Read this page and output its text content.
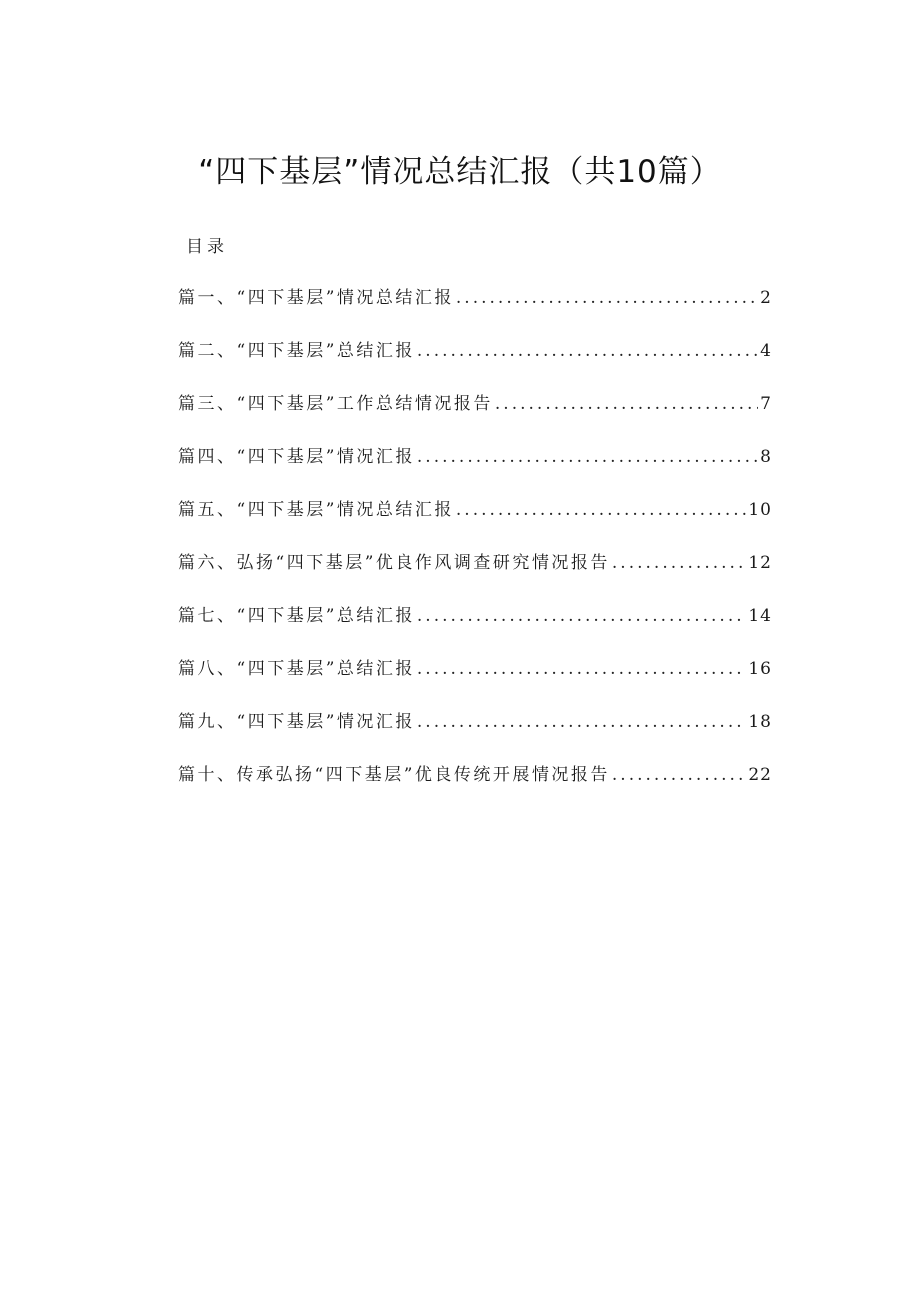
“四下基层”情况总结汇报（共10篇）
目录
篇一、“四下基层”情况总结汇报 .....	2
篇二、“四下基层”总结汇报 .....	4
篇三、“四下基层”工作总结情况报告 .....	7
篇四、“四下基层”情况汇报 .....	8
篇五、“四下基层”情况总结汇报 .....	10
篇六、弘扬“四下基层”优良作风调查研究情况报告 .....	12
篇七、“四下基层”总结汇报 .....	14
篇八、“四下基层”总结汇报 .....	16
篇九、“四下基层”情况汇报 .....	18
篇十、传承弘扬“四下基层”优良传统开展情况报告 .....	22
